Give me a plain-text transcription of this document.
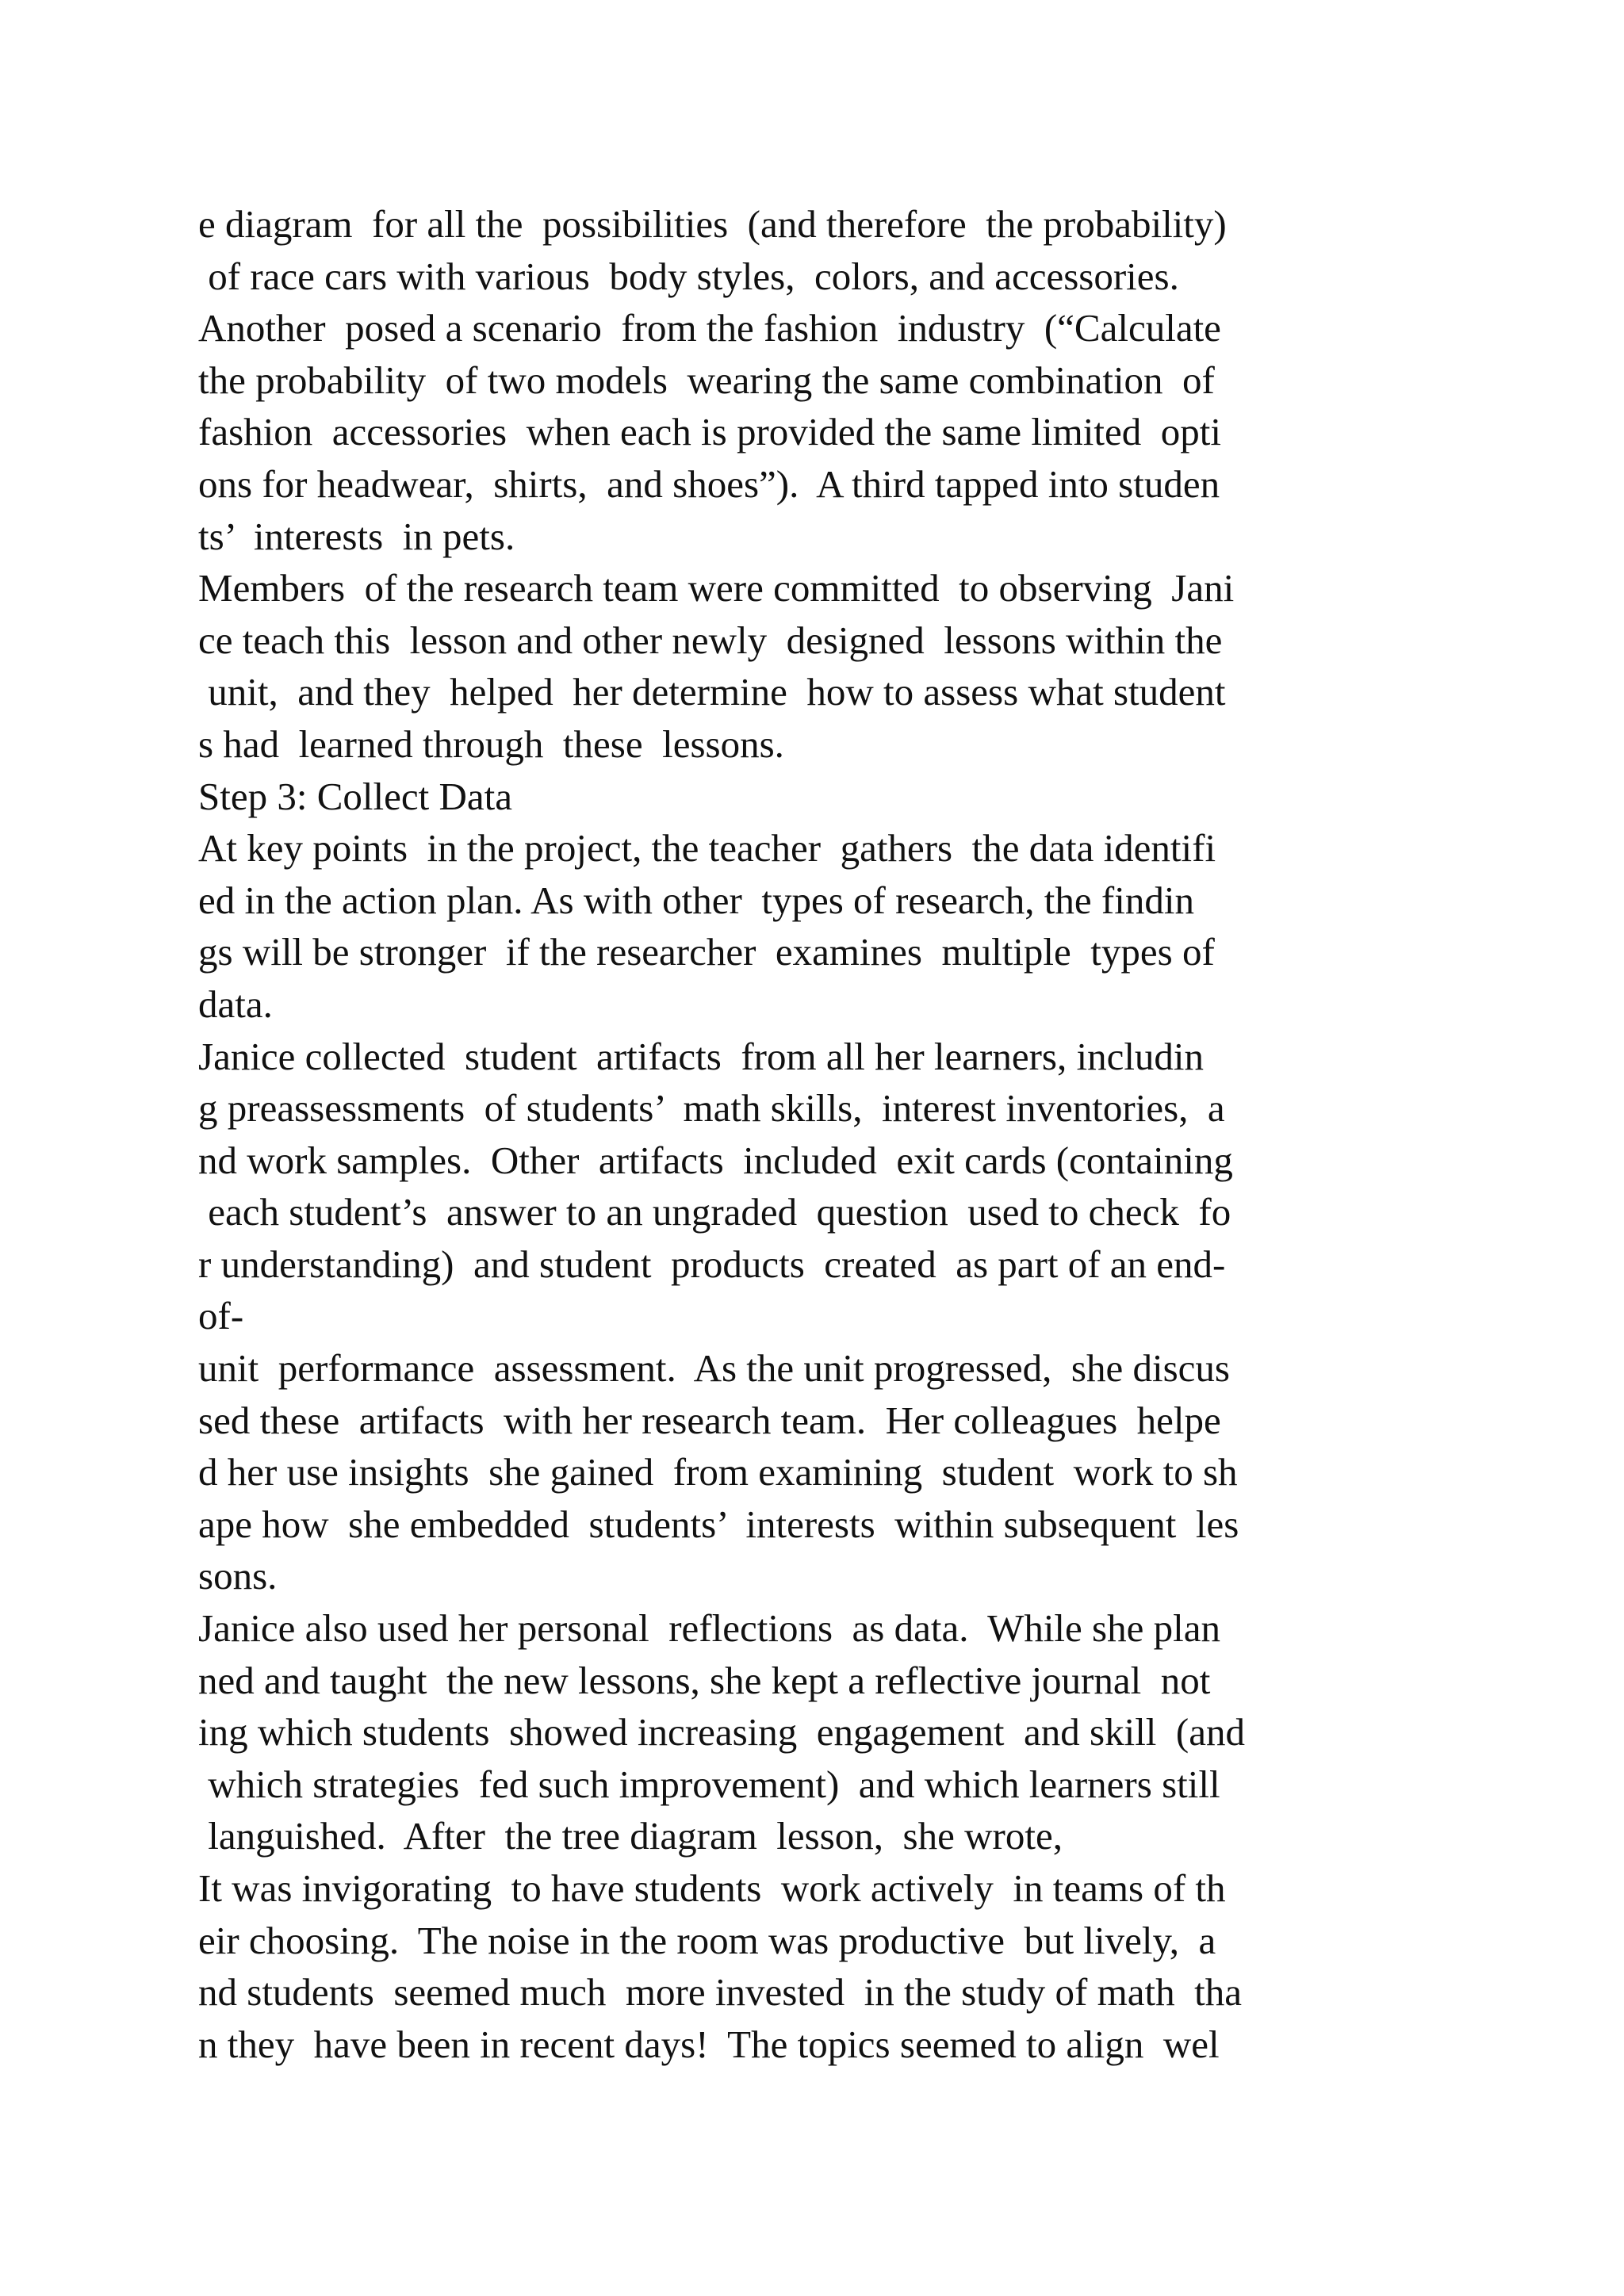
e diagram  for all the  possibilities  (and therefore  the probability)
of race cars with various  body styles,  colors, and accessories.
Another  posed a scenario  from the fashion  industry  (“Calculate
the probability  of two models  wearing the same combination  of
fashion  accessories  when each is provided the same limited  opti
ons for headwear,  shirts,  and shoes”).  A third tapped into studen
ts’  interests  in pets.
Members  of the research team were committed  to observing  Jani
ce teach this  lesson and other newly  designed  lessons within the
unit,  and they  helped  her determine  how to assess what student
s had  learned through  these  lessons.
Step 3: Collect Data
At key points  in the project, the teacher  gathers  the data identifi
ed in the action plan. As with other  types of research, the findin
gs will be stronger  if the researcher  examines  multiple  types of
data.
Janice collected  student  artifacts  from all her learners, includin
g preassessments  of students’  math skills,  interest inventories,  a
nd work samples.  Other  artifacts  included  exit cards (containing
each student’s  answer to an ungraded  question  used to check  fo
r understanding)  and student  products  created  as part of an end-
of-
unit  performance  assessment.  As the unit progressed,  she discus
sed these  artifacts  with her research team.  Her colleagues  helpe
d her use insights  she gained  from examining  student  work to sh
ape how  she embedded  students’  interests  within subsequent  les
sons.
Janice also used her personal  reflections  as data.  While she plan
ned and taught  the new lessons, she kept a reflective journal  not
ing which students  showed increasing  engagement  and skill  (and
which strategies  fed such improvement)  and which learners still
languished.  After  the tree diagram  lesson,  she wrote,
It was invigorating  to have students  work actively  in teams of th
eir choosing.  The noise in the room was productive  but lively,  a
nd students  seemed much  more invested  in the study of math  tha
n they  have been in recent days!  The topics seemed to align  wel
